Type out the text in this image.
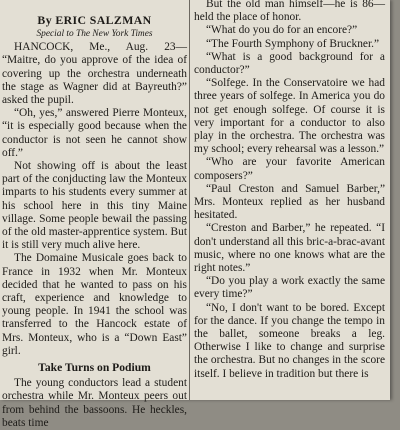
By ERIC SALZMAN
Special to The New York Times

HANCOCK, Me., Aug. 23— “Maitre, do you approve of the idea of covering up the orchestra underneath the stage as Wagner did at Bayreuth?” asked the pupil.

“Oh, yes,” answered Pierre Monteux, “it is especially good because when the conductor is not seen he cannot show off.”

Not showing off is about the least part of the conjducting law the Monteux imparts to his students every summer at his school here in this tiny Maine village. Some people bewail the passing of the old master-apprentice system. But it is still very much alive here.

The Domaine Musicale goes back to France in 1932 when Mr. Monteux decided that he wanted to pass on his craft, experience and knowledge to young people. In 1941 the school was transferred to the Hancock estate of Mrs. Monteux, who is a “Down East” girl.

Take Turns on Podium

The young conductors lead a student orchestra while Mr. Monteux peers out from behind the bassoons. He heckles, beats time

But the old man himself—he is 86—held the place of honor.

“What do you do for an encore?”

“The Fourth Symphony of Bruckner.”

“What is a good background for a conductor?”

“Solfege. In the Conservatoire we had three years of solfege. In America you do not get enough solfege. Of course it is very important for a conductor to also play in the orchestra. The orchestra was my school; every rehearsal was a lesson.”

“Who are your favorite American composers?”

“Paul Creston and Samuel Barber,” Mrs. Monteux replied as her husband hesitated.

“Creston and Barber,” he repeated. “I don't understand all this bric-a-brac-avant music, where no one knows what are the right notes.”

“Do you play a work exactly the same every time?”

“No, I don't want to be bored. Except for the dance. If you change the tempo in the ballet, someone breaks a leg. Otherwise I like to change and surprise the orchestra. But no changes in the score itself. I believe in tradition but there is
